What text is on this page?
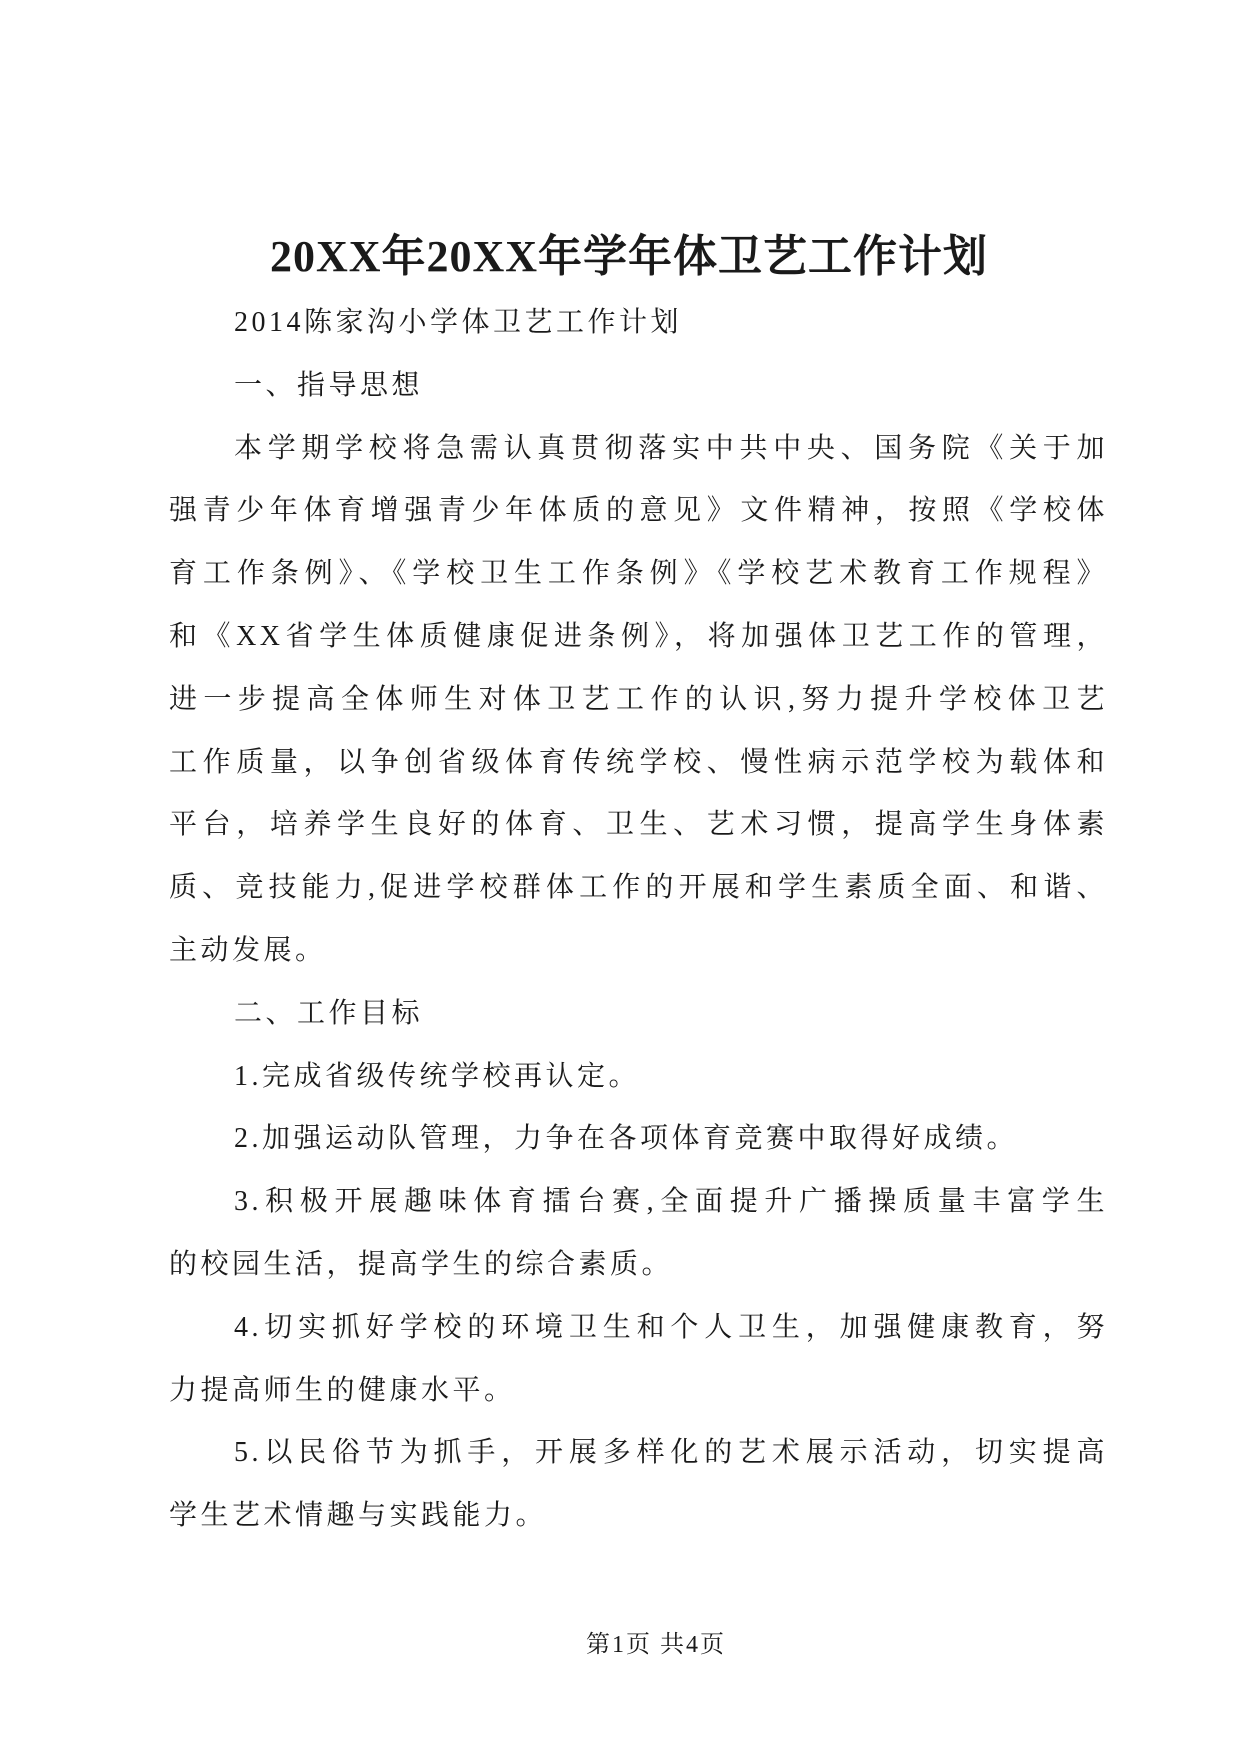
20XX年20XX年学年体卫艺工作计划
2014陈家沟小学体卫艺工作计划
一、指导思想
本学期学校将急需认真贯彻落实中共中央、国务院《关于加
强青少年体育增强青少年体质的意见》文件精神，按照《学校体
育工作条例》、《学校卫生工作条例》《学校艺术教育工作规程》
和《XX省学生体质健康促进条例》，将加强体卫艺工作的管理，
进一步提高全体师生对体卫艺工作的认识,努力提升学校体卫艺
工作质量，以争创省级体育传统学校、慢性病示范学校为载体和
平台，培养学生良好的体育、卫生、艺术习惯，提高学生身体素
质、竞技能力,促进学校群体工作的开展和学生素质全面、和谐、
主动发展。
二、工作目标
1.完成省级传统学校再认定。
2.加强运动队管理，力争在各项体育竞赛中取得好成绩。
3.积极开展趣味体育擂台赛,全面提升广播操质量丰富学生
的校园生活，提高学生的综合素质。
4.切实抓好学校的环境卫生和个人卫生，加强健康教育，努
力提高师生的健康水平。
5.以民俗节为抓手，开展多样化的艺术展示活动，切实提高
学生艺术情趣与实践能力。
第1页 共4页
